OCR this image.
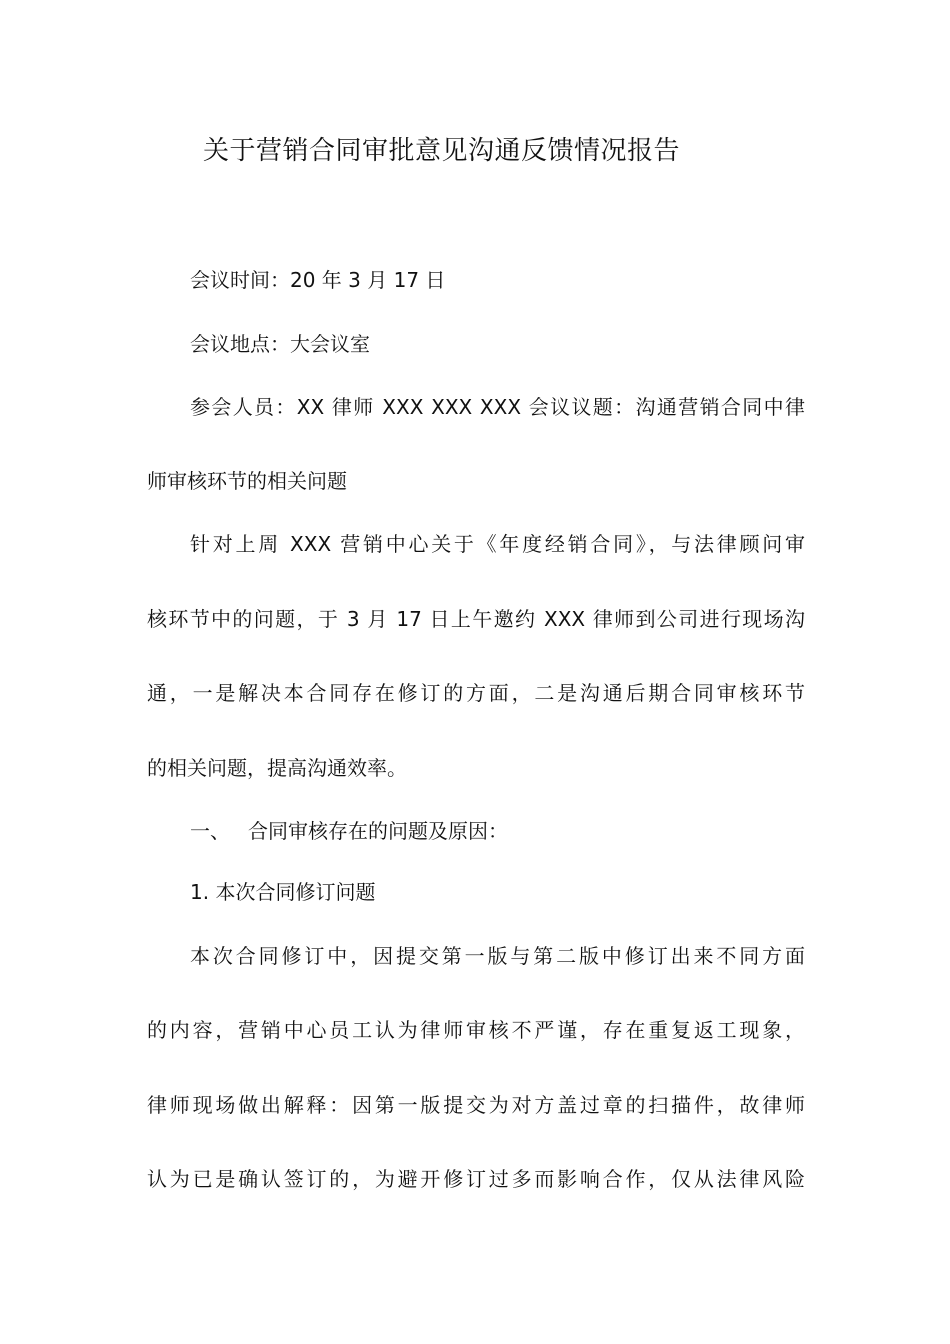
关于营销合同审批意见沟通反馈情况报告
会议时间：20 年 3 月 17 日
会议地点：大会议室
参会人员：XX 律师 XXX XXX XXX 会议议题：沟通营销合同中律
师审核环节的相关问题
针对上周 XXX 营销中心关于《年度经销合同》，与法律顾问审
核环节中的问题，于 3 月 17 日上午邀约 XXX 律师到公司进行现场沟
通，一是解决本合同存在修订的方面，二是沟通后期合同审核环节
的相关问题，提高沟通效率。
一、 合同审核存在的问题及原因：
1. 本次合同修订问题
本次合同修订中，因提交第一版与第二版中修订出来不同方面
的内容，营销中心员工认为律师审核不严谨，存在重复返工现象，
律师现场做出解释：因第一版提交为对方盖过章的扫描件，故律师
认为已是确认签订的，为避开修订过多而影响合作，仅从法律风险
